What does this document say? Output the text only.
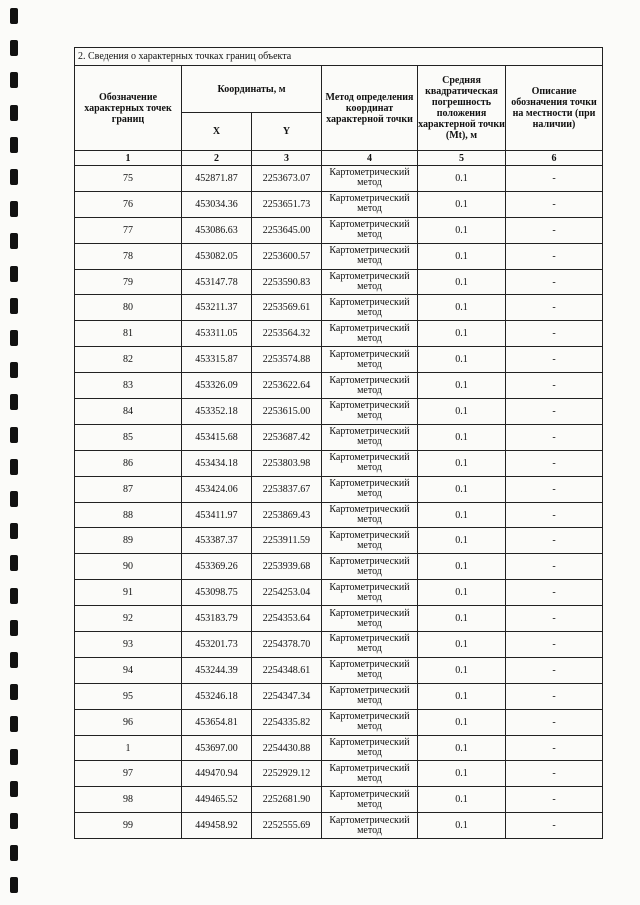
2. Сведения о характерных точках границ объекта					
Обозначение характерных точек границ	Координаты, м		Метод определения координат характерной точки	Средняя квадратическая погрешность положения характерной точки (Mt), м	Описание обозначения точки на местности (при наличии)
	X	Y			
1	2	3	4	5	6
75	452871.87	2253673.07	Картометрический метод	0.1	-
76	453034.36	2253651.73	Картометрический метод	0.1	-
77	453086.63	2253645.00	Картометрический метод	0.1	-
78	453082.05	2253600.57	Картометрический метод	0.1	-
79	453147.78	2253590.83	Картометрический метод	0.1	-
80	453211.37	2253569.61	Картометрический метод	0.1	-
81	453311.05	2253564.32	Картометрический метод	0.1	-
82	453315.87	2253574.88	Картометрический метод	0.1	-
83	453326.09	2253622.64	Картометрический метод	0.1	-
84	453352.18	2253615.00	Картометрический метод	0.1	-
85	453415.68	2253687.42	Картометрический метод	0.1	-
86	453434.18	2253803.98	Картометрический метод	0.1	-
87	453424.06	2253837.67	Картометрический метод	0.1	-
88	453411.97	2253869.43	Картометрический метод	0.1	-
89	453387.37	2253911.59	Картометрический метод	0.1	-
90	453369.26	2253939.68	Картометрический метод	0.1	-
91	453098.75	2254253.04	Картометрический метод	0.1	-
92	453183.79	2254353.64	Картометрический метод	0.1	-
93	453201.73	2254378.70	Картометрический метод	0.1	-
94	453244.39	2254348.61	Картометрический метод	0.1	-
95	453246.18	2254347.34	Картометрический метод	0.1	-
96	453654.81	2254335.82	Картометрический метод	0.1	-
1	453697.00	2254430.88	Картометрический метод	0.1	-
97	449470.94	2252929.12	Картометрический метод	0.1	-
98	449465.52	2252681.90	Картометрический метод	0.1	-
99	449458.92	2252555.69	Картометрический метод	0.1	-
